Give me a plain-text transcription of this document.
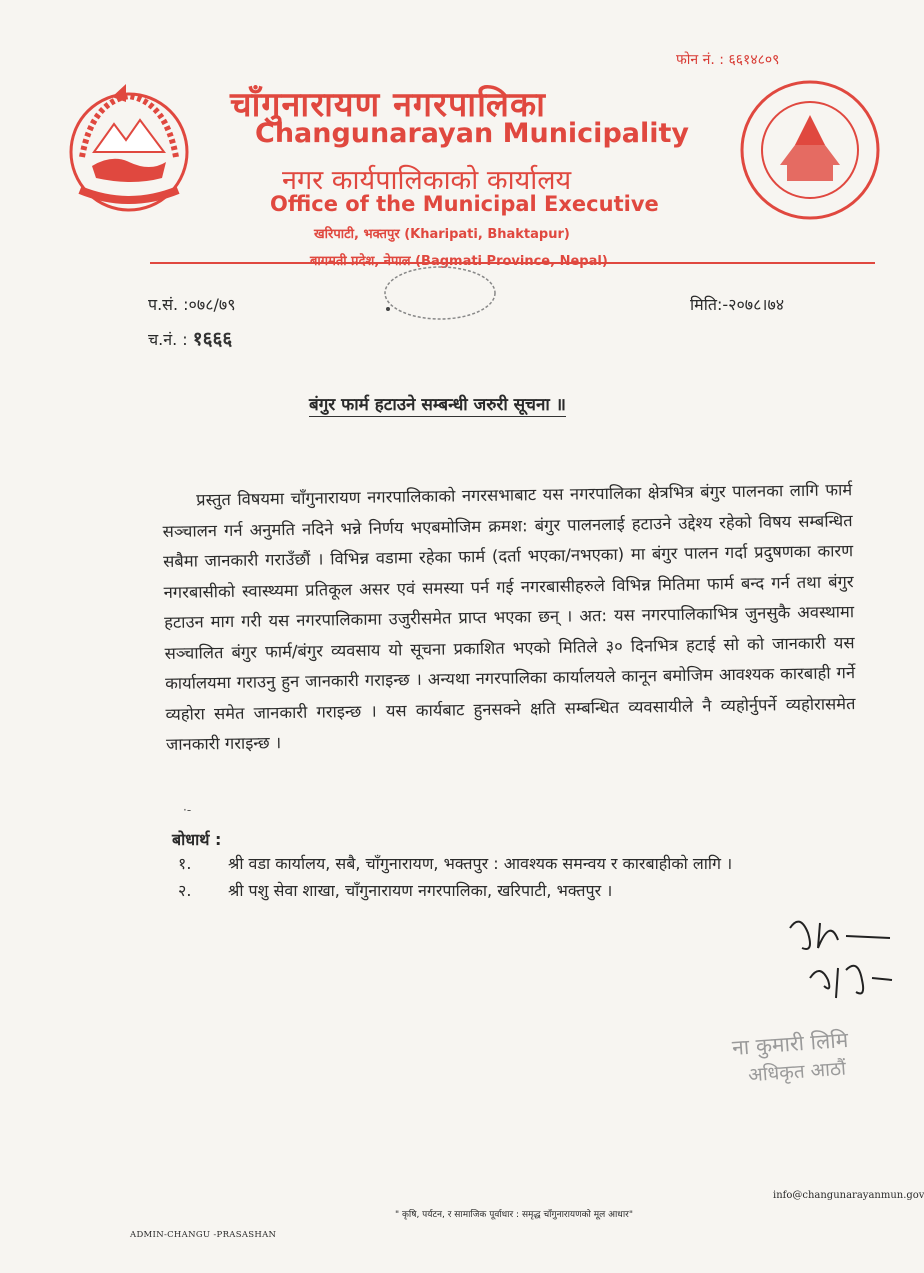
फोन नं. : ६६१४८०९
चाँगुनारायण नगरपालिका
Changunarayan Municipality
नगर कार्यपालिकाको कार्यालय
Office of the Municipal Executive
खरिपाटी, भक्तपुर (Kharipati, Bhaktapur)
प.सं. :०७८/७९
च.नं. : १६६६
मिति:-२०७८।७४
बंगुर फार्म हटाउने सम्बन्धी जरुरी सूचना ॥

प्रस्तुत विषयमा चाँगुनारायण नगरपालिकाको नगरसभाबाट यस नगरपालिका क्षेत्रभित्र बंगुर पालनका लागि फार्म सञ्चालन गर्न अनुमति नदिने भन्ने निर्णय भएबमोजिम क्रमश: बंगुर पालनलाई हटाउने उद्देश्य रहेको विषय सम्बन्धित सबैमा जानकारी गराउँछौं । विभिन्न वडामा रहेका फार्म (दर्ता भएका/नभएका) मा बंगुर पालन गर्दा प्रदुषणका कारण नगरबासीको स्वास्थ्यमा प्रतिकूल असर एवं समस्या पर्न गई नगरबासीहरुले विभिन्न मितिमा फार्म बन्द गर्न तथा बंगुर हटाउन माग गरी यस नगरपालिकामा उजुरीसमेत प्राप्त भएका छन् । अत: यस नगरपालिकाभित्र जुनसुकै अवस्थामा सञ्चालित बंगुर फार्म/बंगुर व्यवसाय यो सूचना प्रकाशित भएको मितिले ३० दिनभित्र हटाई सो को जानकारी यस कार्यालयमा गराउनु हुन जानकारी गराइन्छ । अन्यथा नगरपालिका कार्यालयले कानून बमोजिम आवश्यक कारबाही गर्ने व्यहोरा समेत जानकारी गराइन्छ । यस कार्यबाट हुनसक्ने क्षति सम्बन्धित व्यवसायीले नै व्यहोर्नुपर्ने व्यहोरासमेत जानकारी गराइन्छ ।

·‐
बोधार्थ :
१. श्री वडा कार्यालय, सबै, चाँगुनारायण, भक्तपुर : आवश्यक समन्वय र कारबाहीको लागि ।
२. श्री पशु सेवा शाखा, चाँगुनारायण नगरपालिका, खरिपाटी, भक्तपुर ।
ना कुमारी लिमि
अधिकृत आठौं
info@changunarayanmun.gov
" कृषि, पर्यटन, र सामाजिक पूर्वाधार : समृद्ध चाँगुनारायणको मूल आधार"
ADMIN-CHANGU -PRASASHAN
